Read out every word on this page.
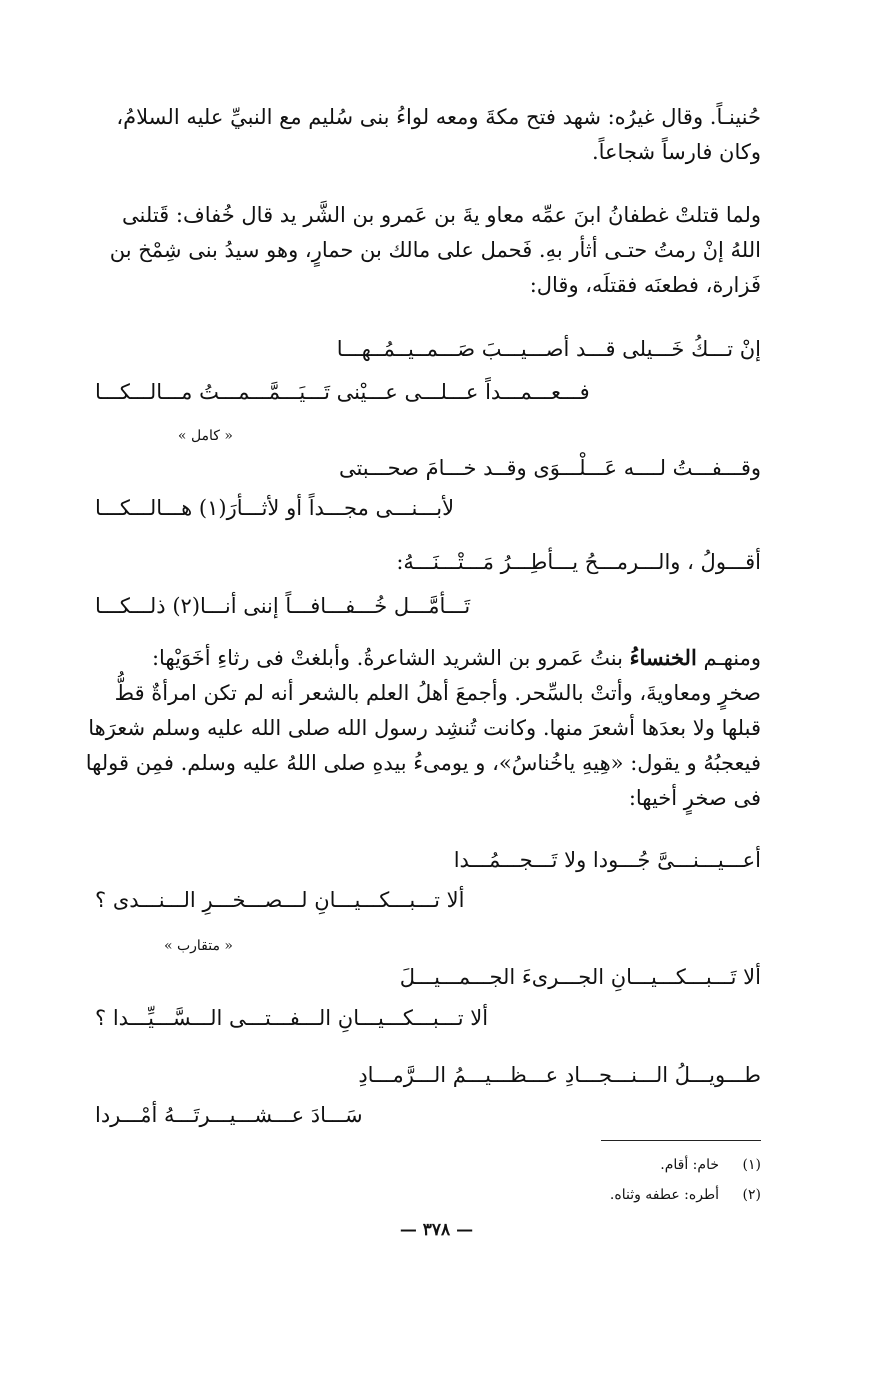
حُنينـاً. وقال غيرُه: شهد فتح مكةَ ومعه لواءُ بنى سُليم مع النبيِّ عليه السلامُ،
وكان فارساً شجاعاً.

ولما قتلتْ غطفانُ ابنَ عمِّه معاو يةَ بن عَمرو بن الشَّر يد قال خُفاف: قَتلنى
اللهُ إنْ رمتُ حتـى أثأر بهِ. فَحمل على مالك بن حمارٍ، وهو سيدُ بنى شِمْخ بن
فَزارة، فطعنَه فقتلَه، وقال:

إنْ تـــكُ خَـــيلى قـــد أصـــيـــبَ صَـــمــيــمُــهـــا
فـــعـــمـــداً عـــلـــى عـــيْنى تَـــيَـــمَّـــمـــتُ مـــالـــكـــا
« كامل »
وقـــفـــتُ لــــه عَـــلْـــوَى وقــد خـــامَ صحـــبتى
لأبـــنـــى مجـــداً أو لأثـــأرَ(١) هـــالـــكـــا
أقـــولُ ، والـــرمـــحُ يـــأطِـــرُ مَـــتْـــنَـــهُ:
تَـــأمَّـــل خُـــفـــافـــاً إننى أنـــا(٢) ذلـــكـــا

ومنهـم الخنساءُ بنتُ عَمرو بن الشريد الشاعرةُ. وأبلغتْ فى رثاءِ أخَوَيْها:
صخرٍ ومعاويةَ، وأتتْ بالسِّحر. وأجمعَ أهلُ العلم بالشعر أنه لم تكن امرأةٌ قطُّ
قبلها ولا بعدَها أشعرَ منها. وكانت تُنشِد رسول الله صلى الله عليه وسلم شعرَها
فيعجبُهُ و يقول: «هِيهِ ياخُناسُ»، و يومىءُ بيدهِ صلى اللهُ عليه وسلم. فمِن قولها
فى صخرٍ أخيها:

أعـــيـــنـــىَّ جُـــودا ولا تَـــجـــمُـــدا
ألا تـــبـــكـــيـــانِ لـــصـــخـــرِ الـــنـــدى ؟
« متقارب »
ألا تَـــبـــكـــيـــانِ الجـــرىءَ الجـــمـــيـــلَ
ألا تـــبـــكـــيـــانِ الـــفـــتـــى الـــسَّـــيِّـــدا ؟
طـــويـــلُ الـــنـــجـــادِ عـــظـــيـــمُ الـــرَّمـــادِ
سَـــادَ عـــشـــيـــرتَـــهُ أمْـــردا
(١)خام: أقام.
(٢)أطره: عطفه وثناه.
— ٣٧٨ —
